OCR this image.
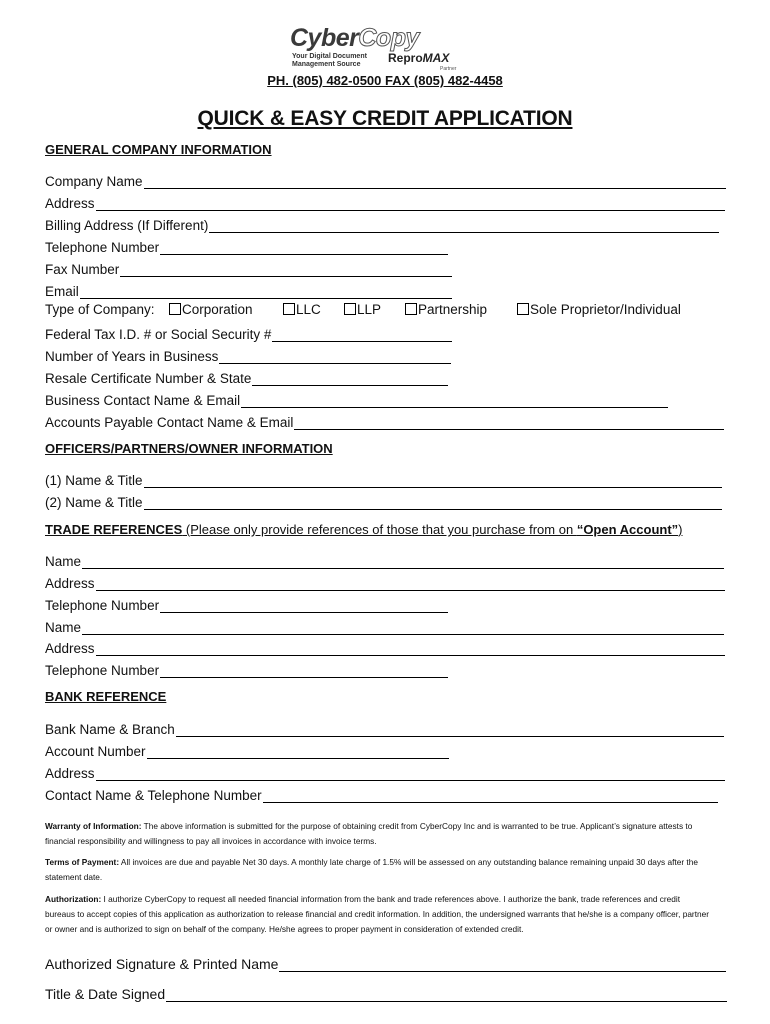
CyberCopy
Your Digital Document Management Source	ReproMAX
Partner
PH. (805) 482-0500 FAX (805) 482-4458
QUICK & EASY CREDIT APPLICATION
GENERAL COMPANY INFORMATION
Company Name
Address
Billing Address (If Different)
Telephone Number
Fax Number
Email
Type of Company:	Corporation	LLC	LLP	Partnership	Sole Proprietor/Individual
Federal Tax I.D. # or Social Security #
Number of Years in Business
Resale Certificate Number & State
Business Contact Name & Email
Accounts Payable Contact Name & Email
OFFICERS/PARTNERS/OWNER INFORMATION
(1) Name & Title
(2) Name & Title
TRADE REFERENCES (Please only provide references of those that you purchase from on “Open Account”)
Name
Address
Telephone Number
Name
Address
Telephone Number
BANK REFERENCE
Bank Name & Branch
Account Number
Address
Contact Name & Telephone Number
Warranty of Information: The above information is submitted for the purpose of obtaining credit from CyberCopy Inc and is warranted to be true. Applicant’s signature attests to financial responsibility and willingness to pay all invoices in accordance with invoice terms.
Terms of Payment: All invoices are due and payable Net 30 days. A monthly late charge of 1.5% will be assessed on any outstanding balance remaining unpaid 30 days after the statement date.
Authorization: I authorize CyberCopy to request all needed financial information from the bank and trade references above. I authorize the bank, trade references and credit bureaus to accept copies of this application as authorization to release financial and credit information. In addition, the undersigned warrants that he/she is a company officer, partner or owner and is authorized to sign on behalf of the company. He/she agrees to proper payment in consideration of extended credit.
Authorized Signature & Printed Name
Title & Date Signed
